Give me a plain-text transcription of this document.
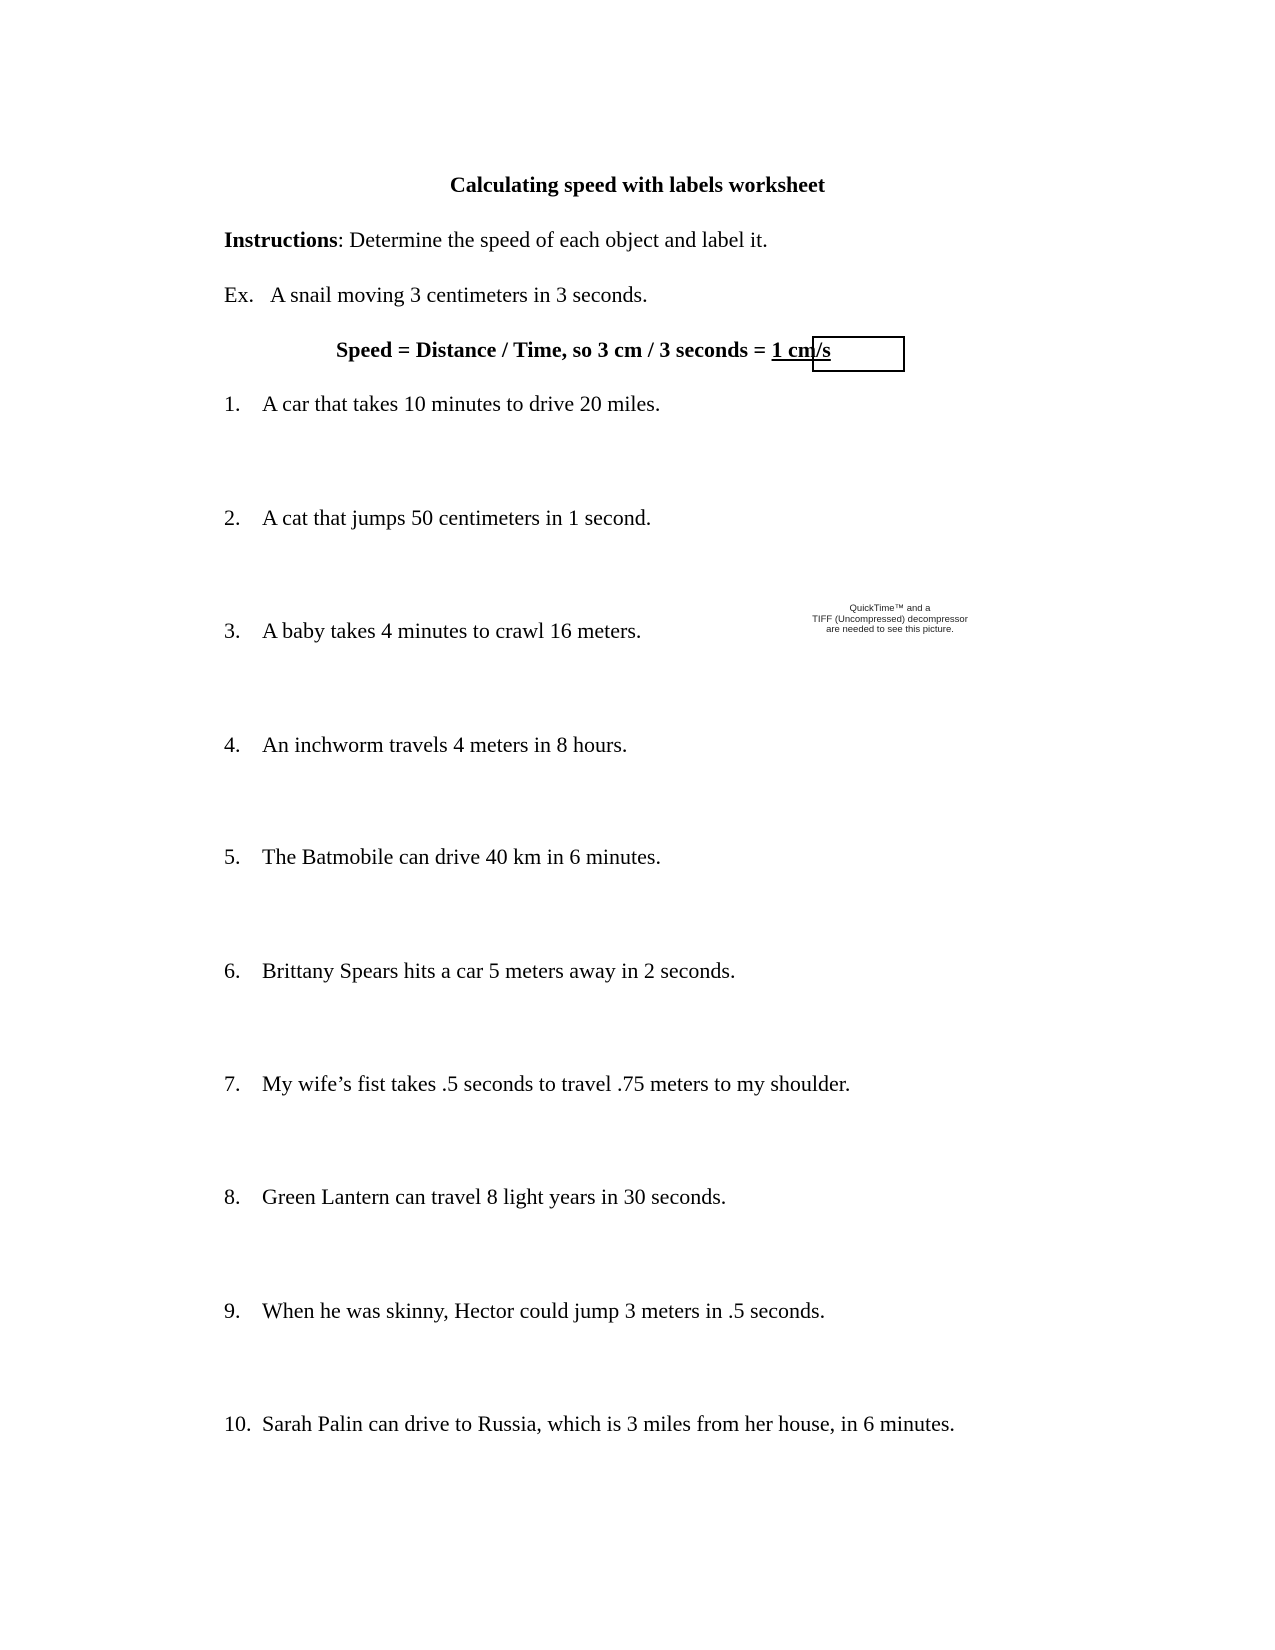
Calculating speed with labels worksheet
Instructions: Determine the speed of each object and label it.
Ex. A snail moving 3 centimeters in 3 seconds.
Speed = Distance / Time, so 3 cm / 3 seconds = 1 cm/s
QuickTime™ and a
TIFF (Uncompressed) decompressor
are needed to see this picture.
1. A car that takes 10 minutes to drive 20 miles.
2. A cat that jumps 50 centimeters in 1 second.
3. A baby takes 4 minutes to crawl 16 meters.
4. An inchworm travels 4 meters in 8 hours.
5. The Batmobile can drive 40 km in 6 minutes.
6. Brittany Spears hits a car 5 meters away in 2 seconds.
7. My wife’s fist takes .5 seconds to travel .75 meters to my shoulder.
8. Green Lantern can travel 8 light years in 30 seconds.
9. When he was skinny, Hector could jump 3 meters in .5 seconds.
10. Sarah Palin can drive to Russia, which is 3 miles from her house, in 6 minutes.
